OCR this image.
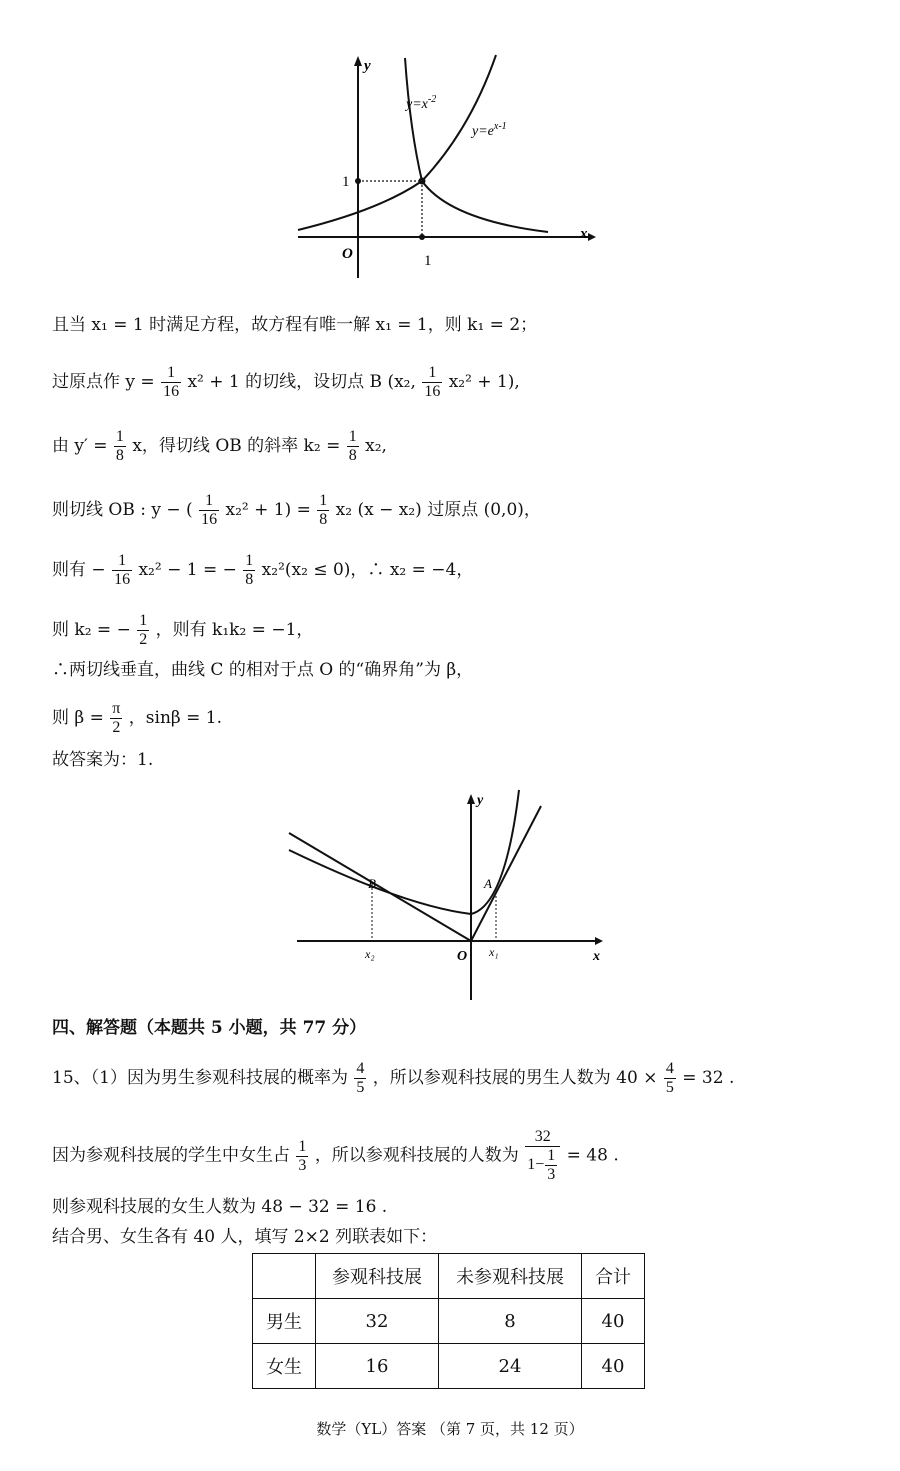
y
x
O
1
1
$y=x^{-2}$
$y=e^{x-1}$
且当 x₁ = 1 时满足方程，故方程有唯一解 x₁ = 1，则 k₁ = 2；
过原点作 $y = \frac{1}{16} x^2 + 1$ 的切线，设切点 B (x₂, $\frac{1}{16} x_2^2 + 1$),
由 $y' = \frac{1}{8}$ x，得切线 OB 的斜率 $k_2 = \frac{1}{8} x_2$,
则切线 OB : y − ( $\frac{1}{16} x_2^2 + 1) = \frac{1}{8} x_2$ (x − x₂) 过原点 (0,0)，
则有 − $\frac{1}{16} x_2^2 - 1$ = − $\frac{1}{8} x_2^2(x_2 \le 0)$，∴ x₂ = −4，
则 k₂ = − $\frac{1}{2}$ ，则有 k₁k₂ = −1，
∴两切线垂直，曲线 C 的相对于点 O 的“确界角”为 β，
则 $\beta = \frac{\pi}{2}$ ，sinβ = 1.
故答案为：1.
y
x
O
B	A
x₂	x₁
四、解答题（本题共 5 小题，共 77 分）
15、（1）因为男生参观科技展的概率为 $\frac{4}{5}$ ，所以参观科技展的男生人数为 $40 \times \frac{4}{5} = 32$ .
因为参观科技展的学生中女生占 $\frac{1}{3}$ ，所以参观科技展的人数为 $\frac{32}{1- \frac{1}{3}} = 48$ .
则参观科技展的女生人数为 48 − 32 = 16 .
结合男、女生各有 40 人，填写 2×2 列联表如下：
	参观科技展	未参观科技展	合计
男生	32	8	40
女生	16	24	40
数学（YL）答案 （第 7 页，共 12 页）
